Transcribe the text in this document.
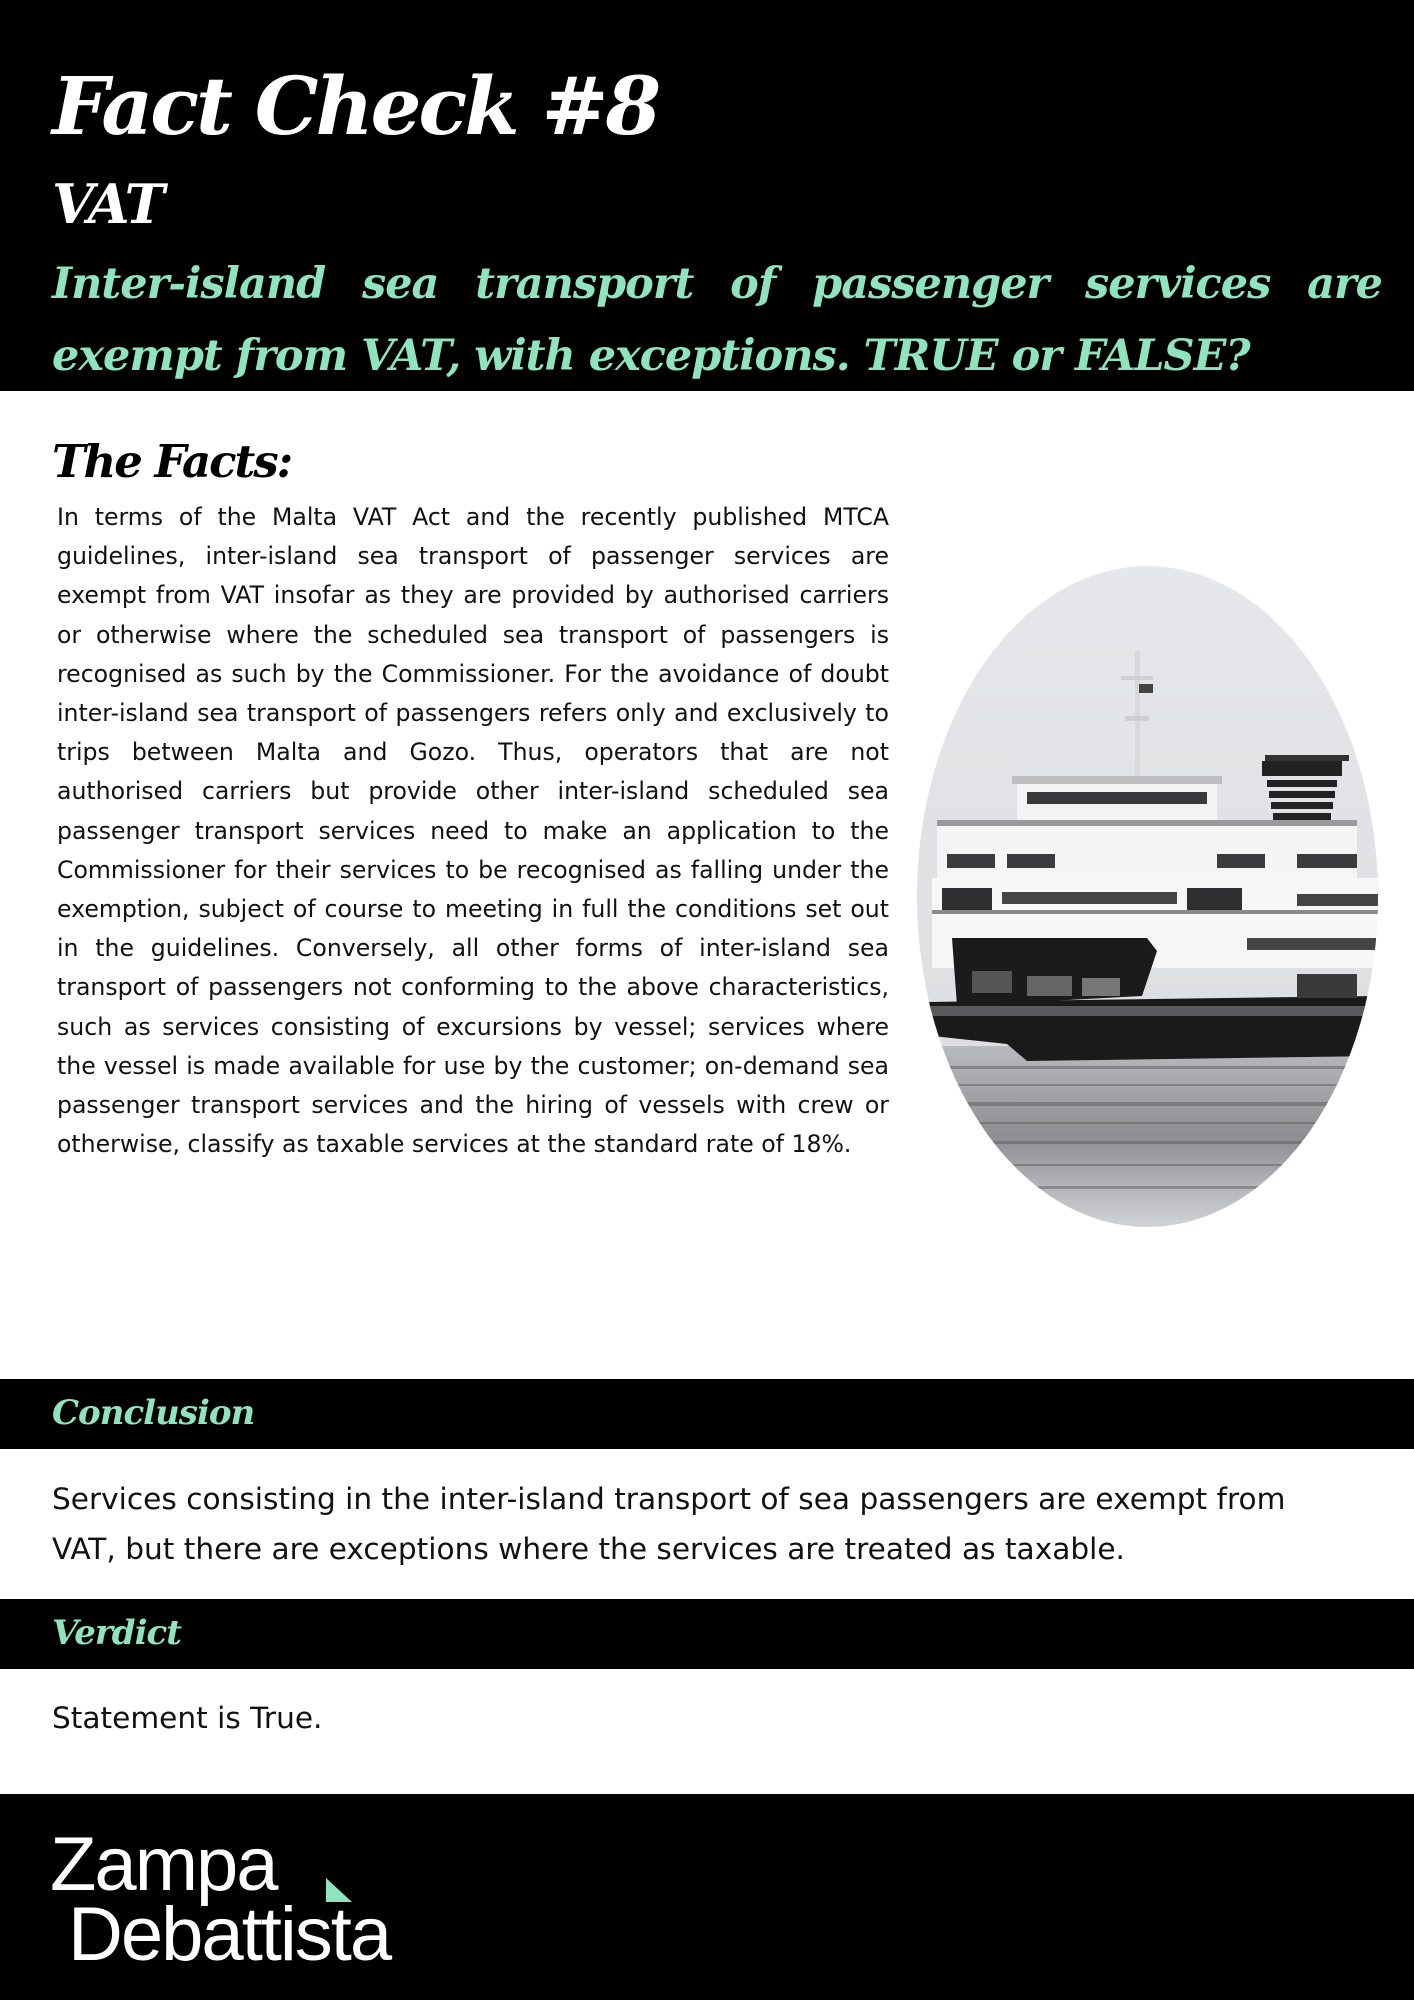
Fact Check #8
VAT

Inter-island sea transport of passenger services are exempt from VAT, with exceptions. TRUE or FALSE?

The Facts:

In terms of the Malta VAT Act and the recently published MTCA guidelines, inter-island sea transport of passenger services are exempt from VAT insofar as they are provided by authorised carriers or otherwise where the scheduled sea transport of passengers is recognised as such by the Commissioner. For the avoidance of doubt inter-island sea transport of passengers refers only and exclusively to trips between Malta and Gozo. Thus, operators that are not authorised carriers but provide other inter-island scheduled sea passenger transport services need to make an application to the Commissioner for their services to be recognised as falling under the exemption, subject of course to meeting in full the conditions set out in the guidelines. Conversely, all other forms of inter-island sea transport of passengers not conforming to the above characteristics, such as services consisting of excursions by vessel; services where the vessel is made available for use by the customer; on-demand sea passenger transport services and the hiring of vessels with crew or otherwise, classify as taxable services at the standard rate of 18%.

Conclusion

Services consisting in the inter-island transport of sea passengers are exempt from VAT, but there are exceptions where the services are treated as taxable.

Verdict

Statement is True.

Zampa
Debattista
